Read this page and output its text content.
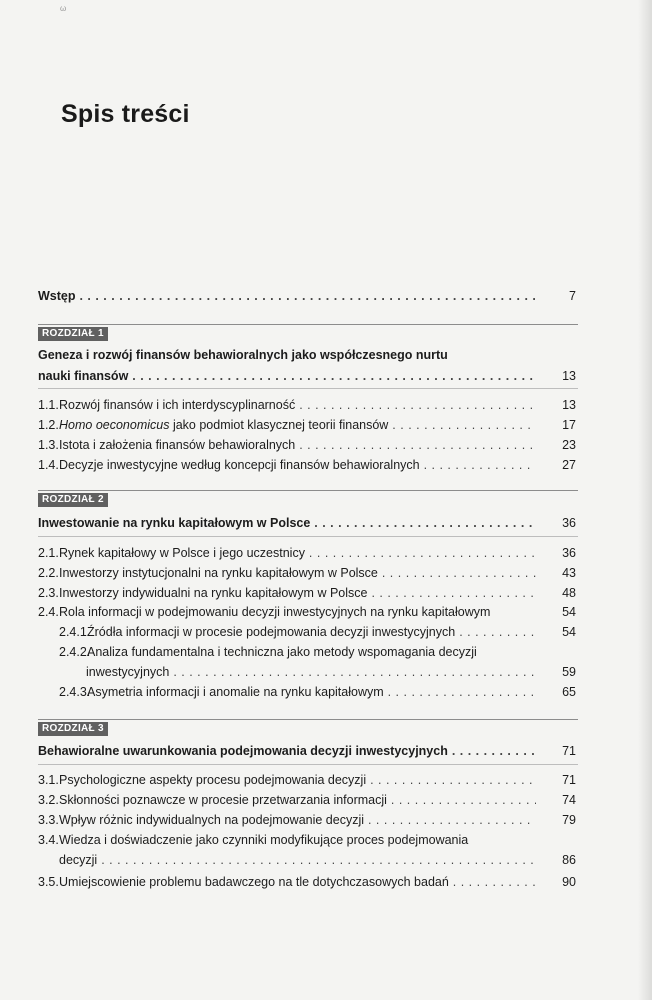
ω
Spis treści
Wstęp . . .	7
ROZDZIAŁ 1
Geneza i rozwój finansów behawioralnych jako współczesnego nurtu
nauki finansów . . .	13
1.1.Rozwój finansów i ich interdyscyplinarność . . .	13
1.2.Homo oeconomicus jako podmiot klasycznej teorii finansów . . .	17
1.3.Istota i założenia finansów behawioralnych . . .	23
1.4.Decyzje inwestycyjne według koncepcji finansów behawioralnych . . .	27
ROZDZIAŁ 2
Inwestowanie na rynku kapitałowym w Polsce . . .	36
2.1.Rynek kapitałowy w Polsce i jego uczestnicy . . .	36
2.2.Inwestorzy instytucjonalni na rynku kapitałowym w Polsce . . .	43
2.3.Inwestorzy indywidualni na rynku kapitałowym w Polsce . . .	48
2.4.Rola informacji w podejmowaniu decyzji inwestycyjnych na rynku kapitałowym	54
2.4.1.Źródła informacji w procesie podejmowania decyzji inwestycyjnych . . .	54
2.4.2.Analiza fundamentalna i techniczna jako metody wspomagania decyzji
inwestycyjnych . . .	59
2.4.3.Asymetria informacji i anomalie na rynku kapitałowym . . .	65
ROZDZIAŁ 3
Behawioralne uwarunkowania podejmowania decyzji inwestycyjnych . . .	71
3.1.Psychologiczne aspekty procesu podejmowania decyzji . . .	71
3.2.Skłonności poznawcze w procesie przetwarzania informacji . . .	74
3.3.Wpływ różnic indywidualnych na podejmowanie decyzji . . .	79
3.4.Wiedza i doświadczenie jako czynniki modyfikujące proces podejmowania
decyzji . . .	86
3.5.Umiejscowienie problemu badawczego na tle dotychczasowych badań . . .	90
